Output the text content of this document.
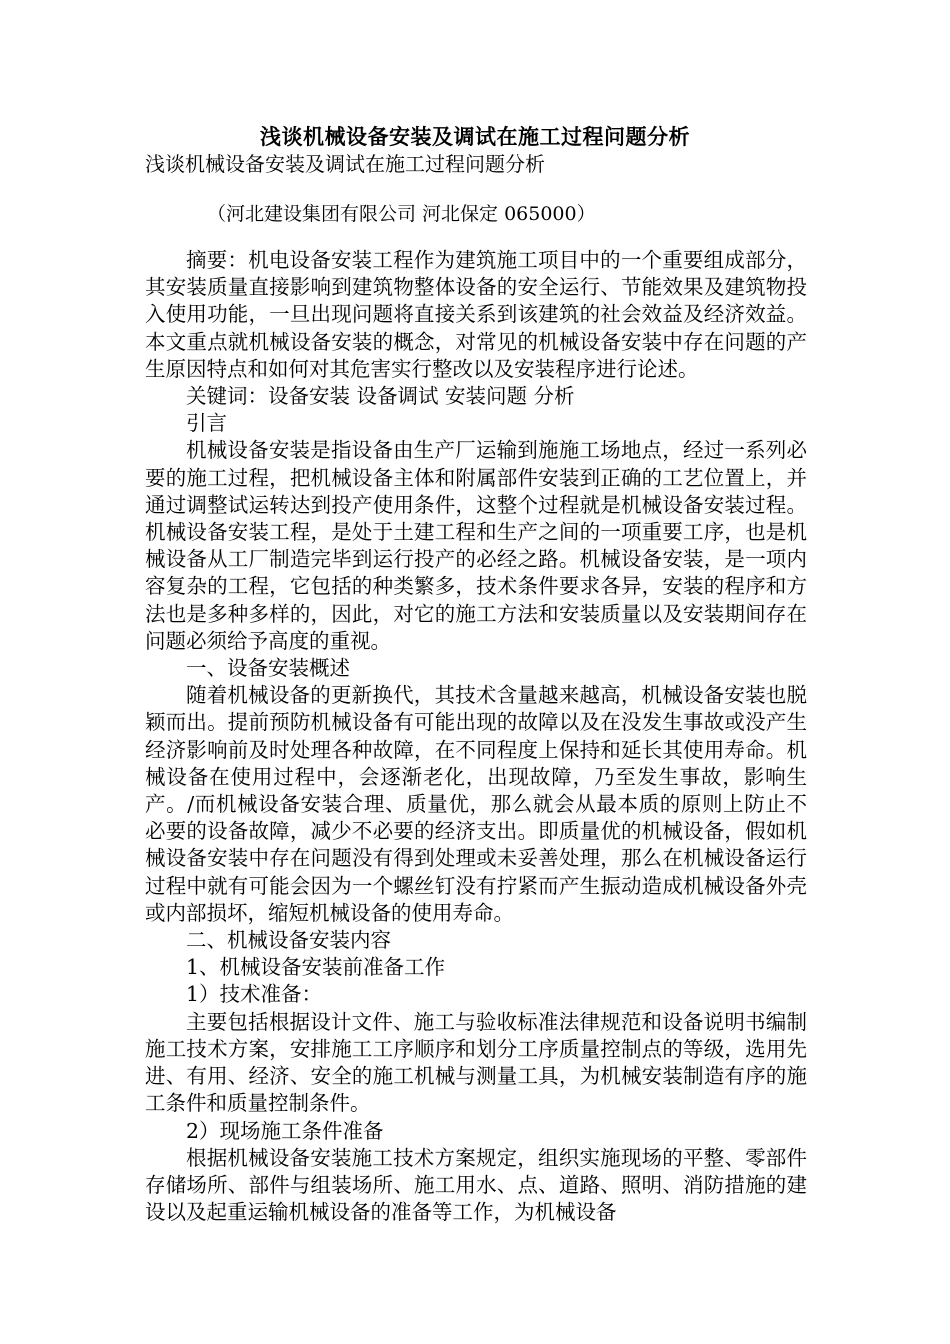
浅谈机械设备安装及调试在施工过程问题分析
浅谈机械设备安装及调试在施工过程问题分析
（河北建设集团有限公司 河北保定 065000）

摘要：机电设备安装工程作为建筑施工项目中的一个重要组成部分，其安装质量直接影响到建筑物整体设备的安全运行、节能效果及建筑物投入使用功能，一旦出现问题将直接关系到该建筑的社会效益及经济效益。本文重点就机械设备安装的概念，对常见的机械设备安装中存在问题的产生原因特点和如何对其危害实行整改以及安装程序进行论述。

关键词：设备安装 设备调试 安装问题 分析

引言

机械设备安装是指设备由生产厂运输到施施工场地点，经过一系列必要的施工过程，把机械设备主体和附属部件安装到正确的工艺位置上，并通过调整试运转达到投产使用条件，这整个过程就是机械设备安装过程。机械设备安装工程，是处于土建工程和生产之间的一项重要工序，也是机械设备从工厂制造完毕到运行投产的必经之路。机械设备安装，是一项内容复杂的工程，它包括的种类繁多，技术条件要求各异，安装的程序和方法也是多种多样的，因此，对它的施工方法和安装质量以及安装期间存在问题必须给予高度的重视。

一、设备安装概述

随着机械设备的更新换代，其技术含量越来越高，机械设备安装也脱颖而出。提前预防机械设备有可能出现的故障以及在没发生事故或没产生经济影响前及时处理各种故障，在不同程度上保持和延长其使用寿命。机械设备在使用过程中，会逐渐老化，出现故障，乃至发生事故，影响生产。/而机械设备安装合理、质量优，那么就会从最本质的原则上防止不必要的设备故障，减少不必要的经济支出。即质量优的机械设备，假如机械设备安装中存在问题没有得到处理或未妥善处理，那么在机械设备运行过程中就有可能会因为一个螺丝钉没有拧紧而产生振动造成机械设备外壳或内部损坏，缩短机械设备的使用寿命。

二、机械设备安装内容

1、机械设备安装前准备工作

1）技术准备：

主要包括根据设计文件、施工与验收标准法律规范和设备说明书编制施工技术方案，安排施工工序顺序和划分工序质量控制点的等级，选用先进、有用、经济、安全的施工机械与测量工具，为机械安装制造有序的施工条件和质量控制条件。

2）现场施工条件准备

根据机械设备安装施工技术方案规定，组织实施现场的平整、零部件存储场所、部件与组装场所、施工用水、点、道路、照明、消防措施的建设以及起重运输机械设备的准备等工作，为机械设备
